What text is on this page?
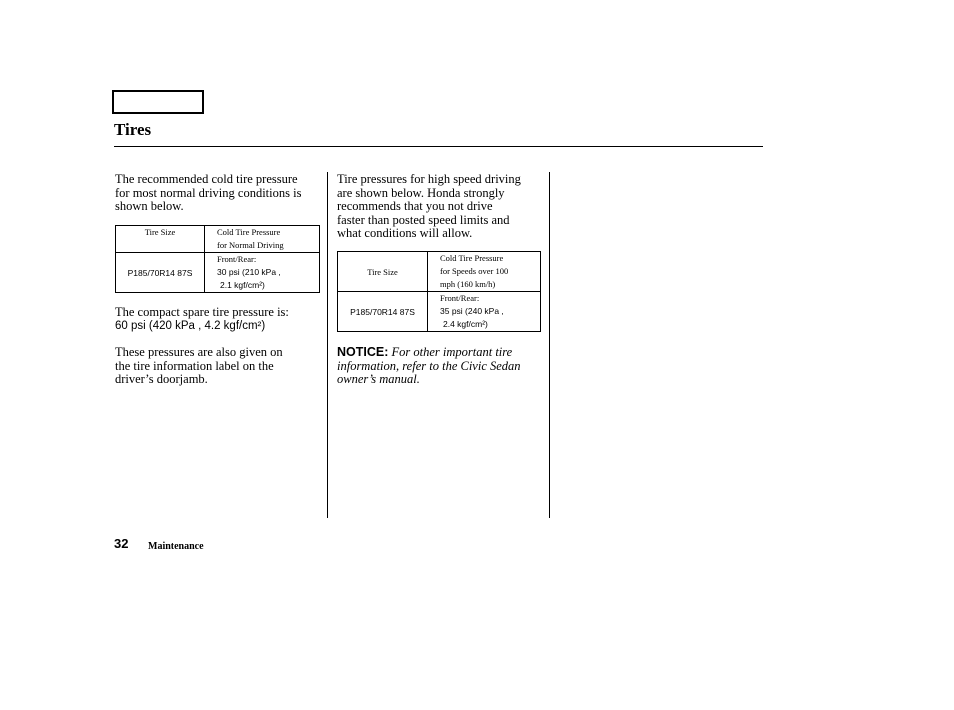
Tires
The recommended cold tire pressure
for most normal driving conditions is
shown below.
Tire Size	Cold Tire Pressure
for Normal Driving

P185/70R14 87S	Front/Rear:
30 psi (210 kPa ,
2.1 kgf/cm²)
The compact spare tire pressure is:
60 psi (420 kPa , 4.2 kgf/cm²)
These pressures are also given on
the tire information label on the
driver’s doorjamb.
Tire pressures for high speed driving
are shown below. Honda strongly
recommends that you not drive
faster than posted speed limits and
what conditions will allow.
Tire Size	Cold Tire Pressure
for Speeds over 100
mph (160 km/h)

P185/70R14 87S	Front/Rear:
35 psi (240 kPa ,
2.4 kgf/cm²)
NOTICE: For other important tire
information, refer to the Civic Sedan
owner’s manual.
32 Maintenance
